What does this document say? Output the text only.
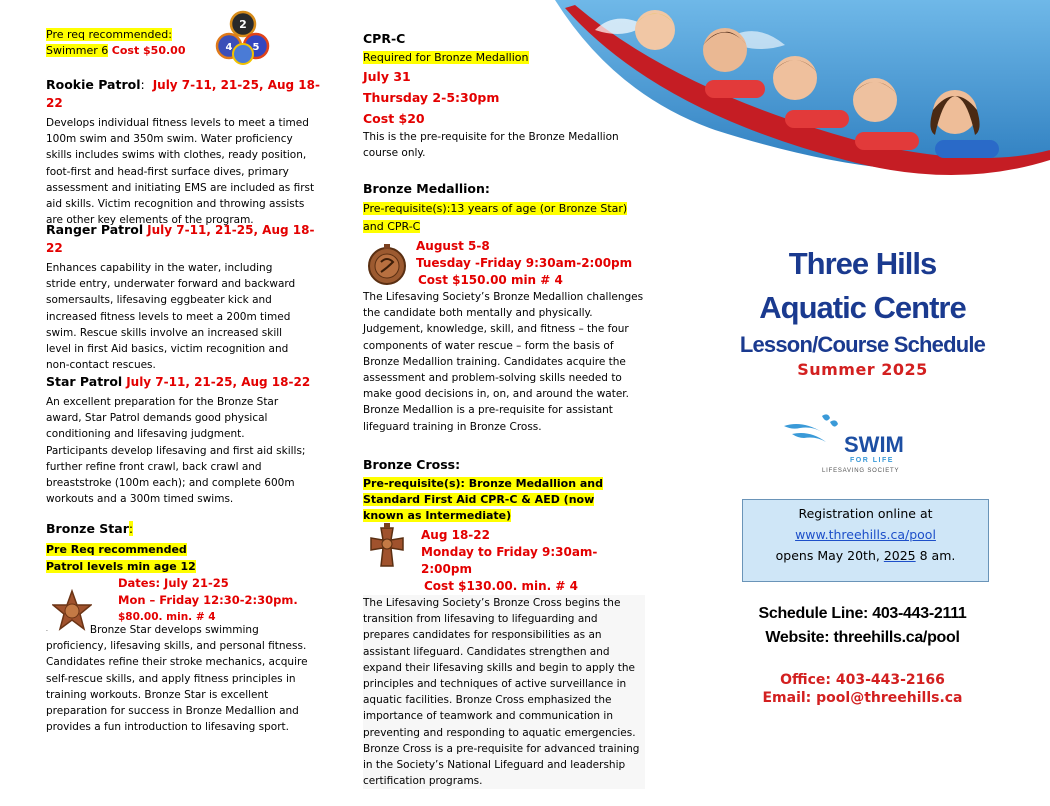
Pre req recommended:
Swimmer 6 Cost $50.00
2
4 5
Rookie Patrol: July 7-11, 21-25, Aug 18-22
Develops individual fitness levels to meet a timed 100m swim and 350m swim. Water proficiency skills includes swims with clothes, ready position, foot-first and head-first surface dives, primary assessment and initiating EMS are included as first aid skills. Victim recognition and throwing assists are other key elements of the program.
Ranger Patrol July 7-11, 21-25, Aug 18-22
Enhances capability in the water, including stride entry, underwater forward and backward somersaults, lifesaving eggbeater kick and increased fitness levels to meet a 200m timed swim. Rescue skills involve an increased skill level in first Aid basics, victim recognition and non-contact rescues.
Star Patrol July 7-11, 21-25, Aug 18-22
An excellent preparation for the Bronze Star award, Star Patrol demands good physical conditioning and lifesaving judgment. Participants develop lifesaving and first aid skills; further refine front crawl, back crawl and breaststroke (100m each); and complete 600m workouts and a 300m timed swims.
Bronze Star:
Pre Req recommended
Patrol levels min age 12
Dates: July 21-25
Mon – Friday 12:30-2:30pm.
$80.00. min. # 4
.	Bronze Star develops swimming proficiency, lifesaving skills, and personal fitness. Candidates refine their stroke mechanics, acquire self-rescue skills, and apply fitness principles in training workouts. Bronze Star is excellent preparation for success in Bronze Medallion and provides a fun introduction to lifesaving sport.
CPR-C
Required for Bronze Medallion
July 31
Thursday 2-5:30pm
Cost $20
This is the pre-requisite for the Bronze Medallion course only.
Bronze Medallion:
Pre-requisite(s):13 years of age (or Bronze Star) and CPR-C
August 5-8
Tuesday -Friday 9:30am-2:00pm
Cost $150.00 min # 4
The Lifesaving Society’s Bronze Medallion challenges the candidate both mentally and physically. Judgement, knowledge, skill, and fitness – the four components of water rescue – form the basis of Bronze Medallion training. Candidates acquire the assessment and problem-solving skills needed to make good decisions in, on, and around the water. Bronze Medallion is a pre-requisite for assistant lifeguard training in Bronze Cross.
Bronze Cross:
Pre-requisite(s): Bronze Medallion and Standard First Aid CPR-C & AED (now known as Intermediate)
Aug 18-22
Monday to Friday 9:30am-2:00pm
Cost $130.00. min. # 4
The Lifesaving Society’s Bronze Cross begins the transition from lifesaving to lifeguarding and prepares candidates for responsibilities as an assistant lifeguard. Candidates strengthen and expand their lifesaving skills and begin to apply the principles and techniques of active surveillance in aquatic facilities. Bronze Cross emphasized the importance of teamwork and communication in preventing and responding to aquatic emergencies. Bronze Cross is a pre-requisite for advanced training in the Society’s National Lifeguard and leadership certification programs.
Three Hills
Aquatic Centre
Lesson/Course Schedule
Summer 2025
SWIM
FOR LIFE
LIFESAVING SOCIETY
Registration online at
www.threehills.ca/pool
opens May 20th, 2025 8 am.
Schedule Line: 403-443-2111
Website: threehills.ca/pool
Office: 403-443-2166
Email: pool@threehills.ca
